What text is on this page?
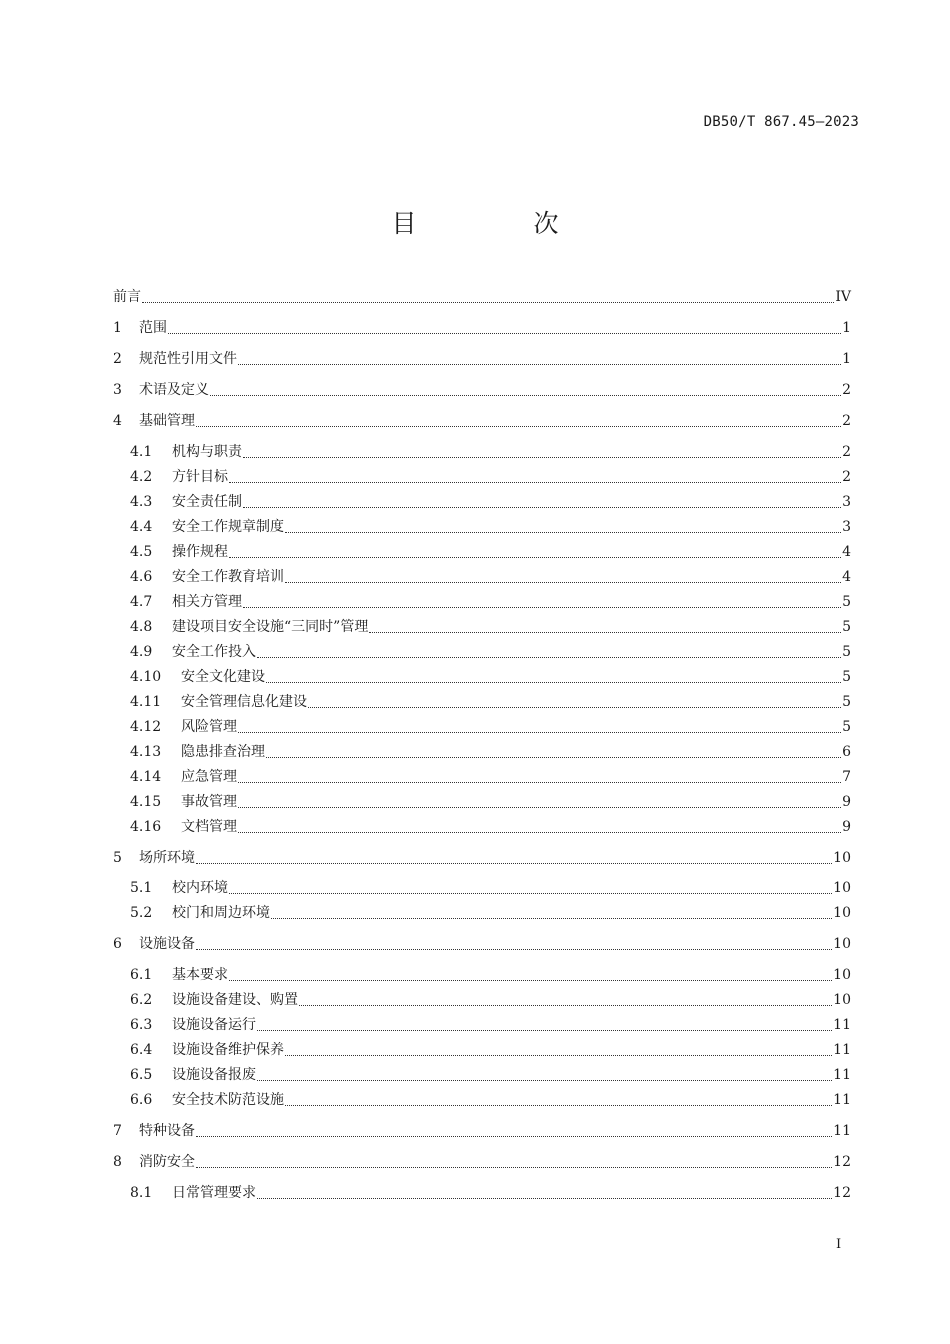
DB50/T 867.45—2023
目　次
前言	IV
1	范围	1
2	规范性引用文件	1
3	术语及定义	2
4	基础管理	2
4.1	机构与职责	2
4.2	方针目标	2
4.3	安全责任制	3
4.4	安全工作规章制度	3
4.5	操作规程	4
4.6	安全工作教育培训	4
4.7	相关方管理	5
4.8	建设项目安全设施“三同时”管理	5
4.9	安全工作投入	5
4.10	安全文化建设	5
4.11	安全管理信息化建设	5
4.12	风险管理	5
4.13	隐患排查治理	6
4.14	应急管理	7
4.15	事故管理	9
4.16	文档管理	9
5	场所环境	10
5.1	校内环境	10
5.2	校门和周边环境	10
6	设施设备	10
6.1	基本要求	10
6.2	设施设备建设、购置	10
6.3	设施设备运行	11
6.4	设施设备维护保养	11
6.5	设施设备报废	11
6.6	安全技术防范设施	11
7	特种设备	11
8	消防安全	12
8.1	日常管理要求	12
I
